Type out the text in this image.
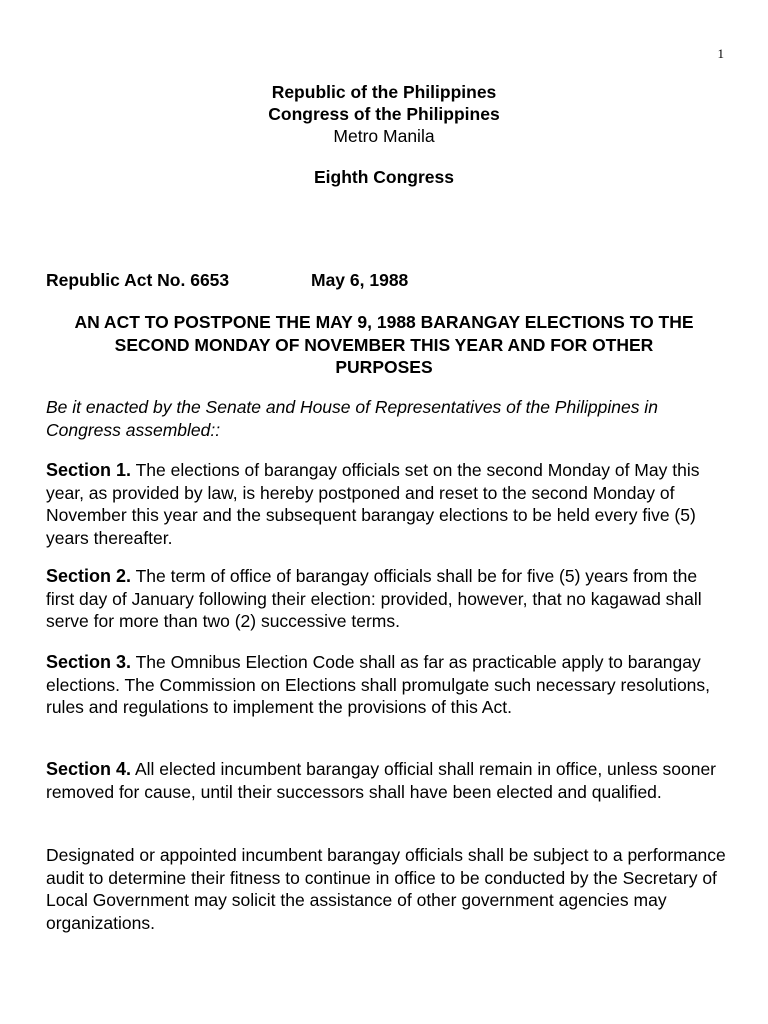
1
Republic of the Philippines
Congress of the Philippines
Metro Manila
Eighth Congress
Republic Act No. 6653	May 6, 1988
AN ACT TO POSTPONE THE MAY 9, 1988 BARANGAY ELECTIONS TO THE
SECOND MONDAY OF NOVEMBER THIS YEAR AND FOR OTHER
PURPOSES
Be it enacted by the Senate and House of Representatives of the Philippines in Congress assembled::
Section 1. The elections of barangay officials set on the second Monday of May this year, as provided by law, is hereby postponed and reset to the second Monday of November this year and the subsequent barangay elections to be held every five (5) years thereafter.
Section 2. The term of office of barangay officials shall be for five (5) years from the first day of January following their election: provided, however, that no kagawad shall serve for more than two (2) successive terms.
Section 3. The Omnibus Election Code shall as far as practicable apply to barangay elections. The Commission on Elections shall promulgate such necessary resolutions, rules and regulations to implement the provisions of this Act.
Section 4. All elected incumbent barangay official shall remain in office, unless sooner removed for cause, until their successors shall have been elected and qualified.
Designated or appointed incumbent barangay officials shall be subject to a performance audit to determine their fitness to continue in office to be conducted by the Secretary of Local Government may solicit the assistance of other government agencies may organizations.
